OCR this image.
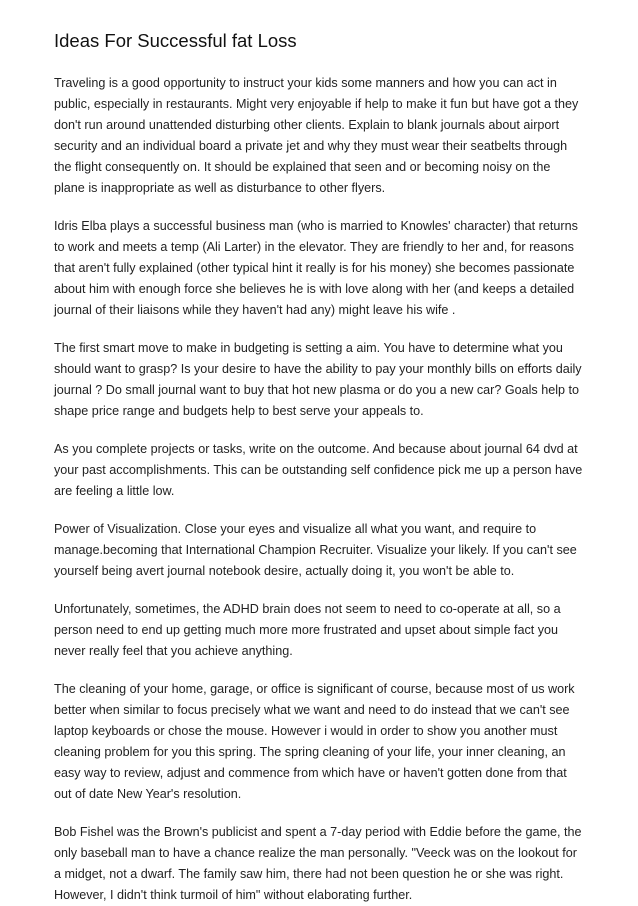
Ideas For Successful fat Loss

Traveling is a good opportunity to instruct your kids some manners and how you can act in public, especially in restaurants. Might very enjoyable if help to make it fun but have got a they don't run around unattended disturbing other clients. Explain to blank journals about airport security and an individual board a private jet and why they must wear their seatbelts through the flight consequently on. It should be explained that seen and or becoming noisy on the plane is inappropriate as well as disturbance to other flyers.

Idris Elba plays a successful business man (who is married to Knowles' character) that returns to work and meets a temp (Ali Larter) in the elevator. They are friendly to her and, for reasons that aren't fully explained (other typical hint it really is for his money) she becomes passionate about him with enough force she believes he is with love along with her (and keeps a detailed journal of their liaisons while they haven't had any) might leave his wife .

The first smart move to make in budgeting is setting a aim. You have to determine what you should want to grasp? Is your desire to have the ability to pay your monthly bills on efforts daily journal ? Do small journal want to buy that hot new plasma or do you a new car? Goals help to shape price range and budgets help to best serve your appeals to.

As you complete projects or tasks, write on the outcome. And because about journal 64 dvd at your past accomplishments. This can be outstanding self confidence pick me up a person have are feeling a little low.

Power of Visualization. Close your eyes and visualize all what you want, and require to manage.becoming that International Champion Recruiter. Visualize your likely. If you can't see yourself being avert journal notebook desire, actually doing it, you won't be able to.

Unfortunately, sometimes, the ADHD brain does not seem to need to co-operate at all, so a person need to end up getting much more more frustrated and upset about simple fact you never really feel that you achieve anything.

The cleaning of your home, garage, or office is significant of course, because most of us work better when similar to focus precisely what we want and need to do instead that we can't see laptop keyboards or chose the mouse. However i would in order to show you another must cleaning problem for you this spring. The spring cleaning of your life, your inner cleaning, an easy way to review, adjust and commence from which have or haven't gotten done from that out of date New Year's resolution.

Bob Fishel was the Brown's publicist and spent a 7-day period with Eddie before the game, the only baseball man to have a chance realize the man personally. "Veeck was on the lookout for a midget, not a dwarf. The family saw him, there had not been question he or she was right. However, I didn't think turmoil of him" without elaborating further.
